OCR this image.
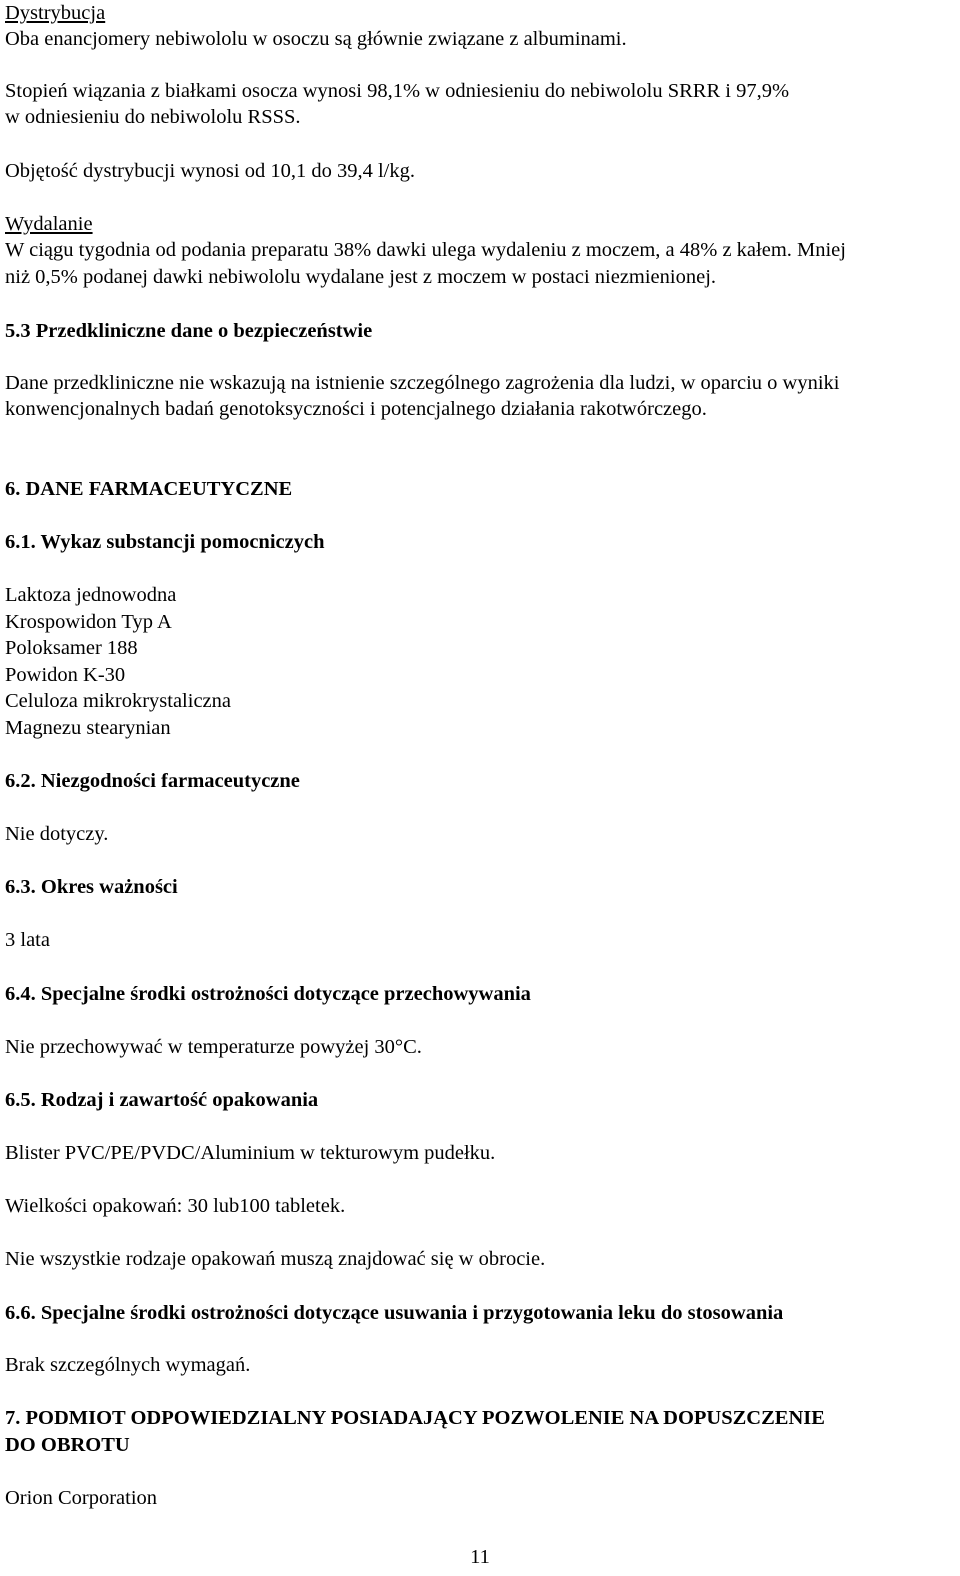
Dystrybucja
Oba enancjomery nebiwololu w osoczu są głównie związane z albuminami.
Stopień wiązania z białkami osocza wynosi 98,1% w odniesieniu do nebiwololu SRRR i 97,9%
w odniesieniu do nebiwololu RSSS.
Objętość dystrybucji wynosi od 10,1 do 39,4 l/kg.
Wydalanie
W ciągu tygodnia od podania preparatu 38% dawki ulega wydaleniu z moczem, a 48% z kałem. Mniej
niż 0,5% podanej dawki nebiwololu wydalane jest z moczem w postaci niezmienionej.
5.3 Przedkliniczne dane o bezpieczeństwie
Dane przedkliniczne nie wskazują na istnienie szczególnego zagrożenia dla ludzi, w oparciu o wyniki
konwencjonalnych badań genotoksyczności i potencjalnego działania rakotwórczego.
6. DANE FARMACEUTYCZNE
6.1. Wykaz substancji pomocniczych
Laktoza jednowodna
Krospowidon Typ A
Poloksamer 188
Powidon K-30
Celuloza mikrokrystaliczna
Magnezu stearynian
6.2. Niezgodności farmaceutyczne
Nie dotyczy.
6.3. Okres ważności
3 lata
6.4. Specjalne środki ostrożności dotyczące przechowywania
Nie przechowywać w temperaturze powyżej 30°C.
6.5. Rodzaj i zawartość opakowania
Blister PVC/PE/PVDC/Aluminium w tekturowym pudełku.
Wielkości opakowań: 30 lub100 tabletek.
Nie wszystkie rodzaje opakowań muszą znajdować się w obrocie.
6.6. Specjalne środki ostrożności dotyczące usuwania i przygotowania leku do stosowania
Brak szczególnych wymagań.
7. PODMIOT ODPOWIEDZIALNY POSIADAJĄCY POZWOLENIE NA DOPUSZCZENIE
DO OBROTU
Orion Corporation
11
